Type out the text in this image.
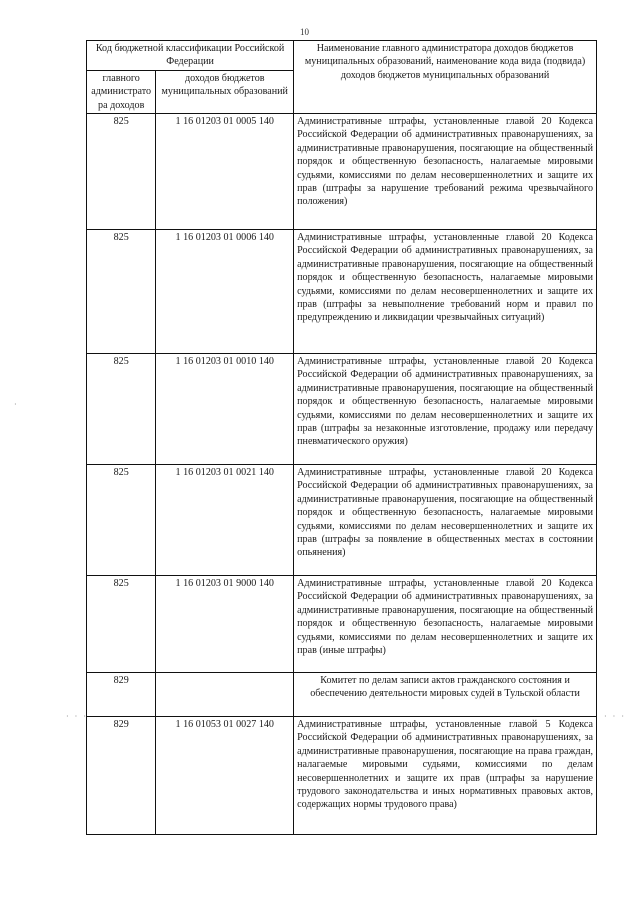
10
Код бюджетной классификации Российской Федерации		Наименование главного администратора доходов бюджетов муниципальных образований, наименование кода вида (подвида) доходов бюджетов муниципальных образований
главного администрато ра доходов	доходов бюджетов муниципальных образований	
825	1 16 01203 01 0005 140	Административные штрафы, установленные главой 20 Кодекса Российской Федерации об административных правонарушениях, за административные правонарушения, посягающие на общественный порядок и общественную безопасность, налагаемые мировыми судьями, комиссиями по делам несовершеннолетних и защите их прав (штрафы за нарушение требований режима чрезвычайного положения)
825	1 16 01203 01 0006 140	Административные штрафы, установленные главой 20 Кодекса Российской Федерации об административных правонарушениях, за административные правонарушения, посягающие на общественный порядок и общественную безопасность, налагаемые мировыми судьями, комиссиями по делам несовершеннолетних и защите их прав (штрафы за невыполнение требований норм и правил по предупреждению и ликвидации чрезвычайных ситуаций)
825	1 16 01203 01 0010 140	Административные штрафы, установленные главой 20 Кодекса Российской Федерации об административных правонарушениях, за административные правонарушения, посягающие на общественный порядок и общественную безопасность, налагаемые мировыми судьями, комиссиями по делам несовершеннолетних и защите их прав (штрафы за незаконные изготовление, продажу или передачу пневматического оружия)
825	1 16 01203 01 0021 140	Административные штрафы, установленные главой 20 Кодекса Российской Федерации об административных правонарушениях, за административные правонарушения, посягающие на общественный порядок и общественную безопасность, налагаемые мировыми судьями, комиссиями по делам несовершеннолетних и защите их прав (штрафы за появление в общественных местах в состоянии опьянения)
825	1 16 01203 01 9000 140	Административные штрафы, установленные главой 20 Кодекса Российской Федерации об административных правонарушениях, за административные правонарушения, посягающие на общественный порядок и общественную безопасность, налагаемые мировыми судьями, комиссиями по делам несовершеннолетних и защите их прав (иные штрафы)
829		Комитет по делам записи актов гражданского состояния и обеспечению деятельности мировых судей в Тульской области
829	1 16 01053 01 0027 140	Административные штрафы, установленные главой 5 Кодекса Российской Федерации об административных правонарушениях, за административные правонарушения, посягающие на права граждан, налагаемые мировыми судьями, комиссиями по делам несовершеннолетних и защите их прав (штрафы за нарушение трудового законодательства и иных нормативных правовых актов, содержащих нормы трудового права)
· · ·	· · ·
·
